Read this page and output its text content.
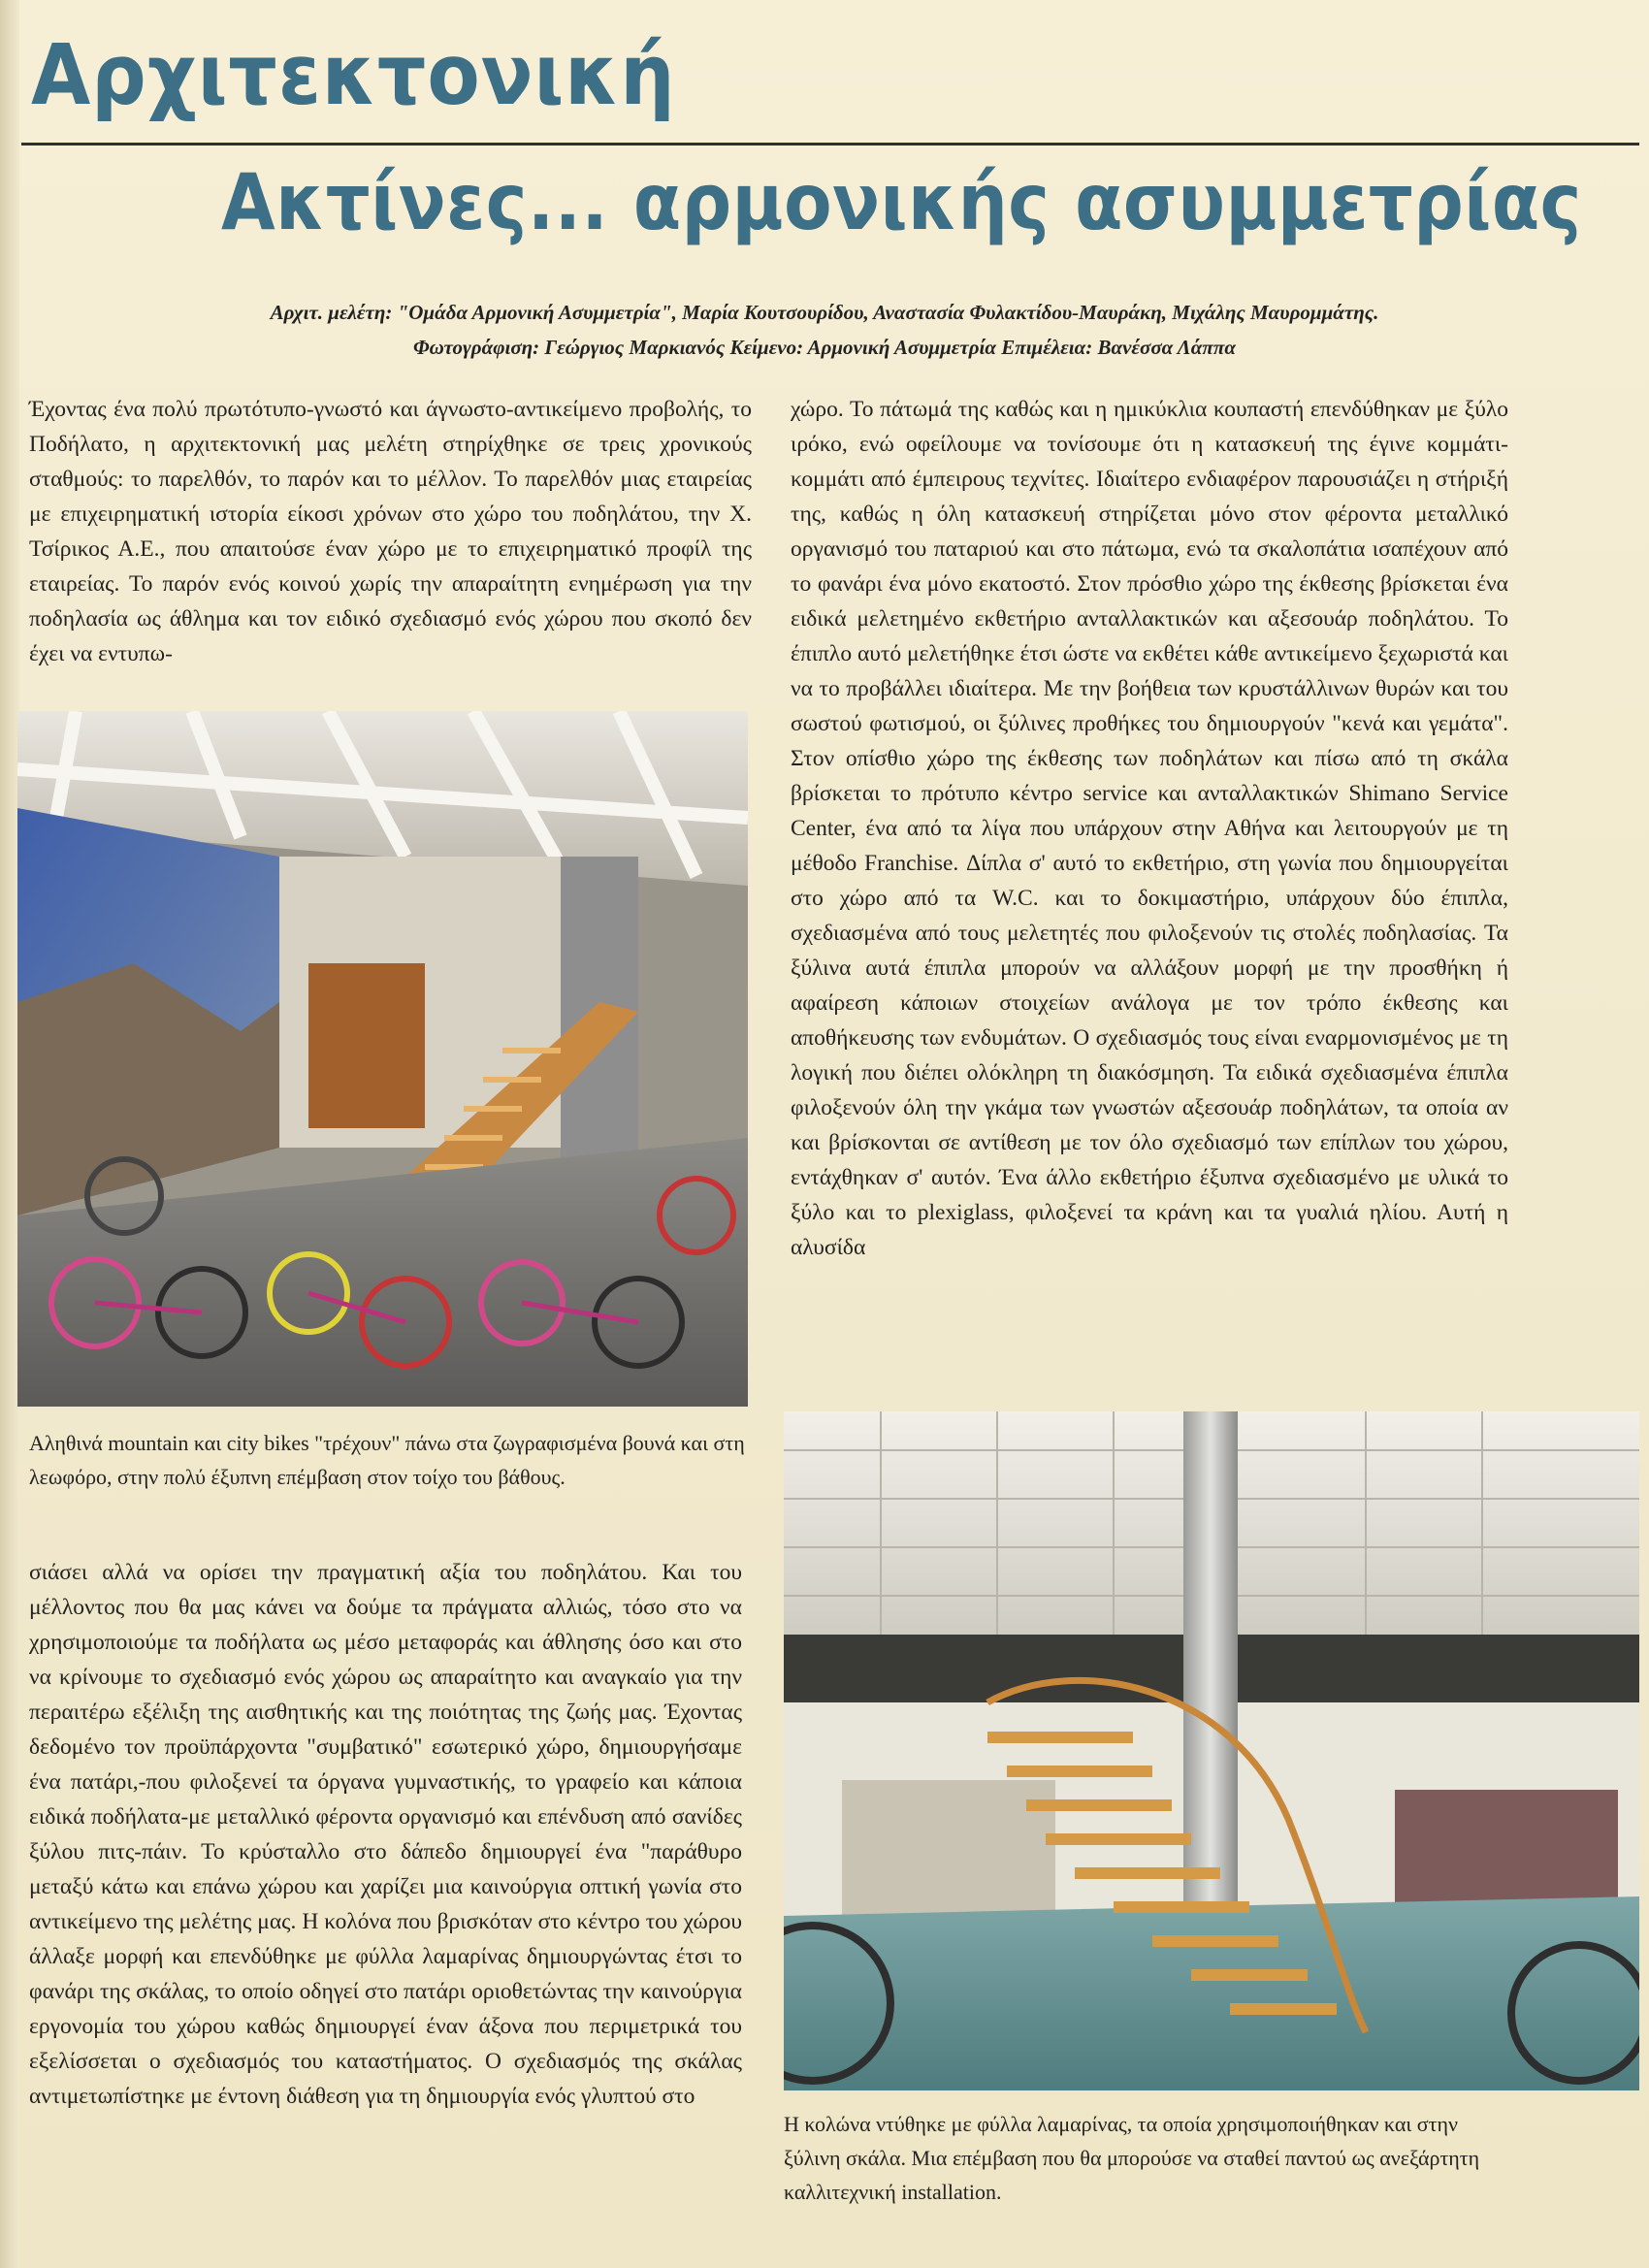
Αρχιτεκτονική
Ακτίνες... αρμονικής ασυμμετρίας
Αρχιτ. μελέτη: "Ομάδα Αρμονική Ασυμμετρία", Μαρία Κουτσουρίδου, Αναστασία Φυλακτίδου-Μαυράκη, Μιχάλης Μαυρομμάτης.
Φωτογράφιση: Γεώργιος Μαρκιανός Κείμενο: Αρμονική Ασυμμετρία Επιμέλεια: Βανέσσα Λάππα

Έχοντας ένα πολύ πρωτότυπο-γνωστό και άγνωστο-αντικείμενο προβολής, το Ποδήλατο, η αρχιτεκτονική μας μελέτη στηρίχθηκε σε τρεις χρονικούς σταθμούς: το παρελθόν, το παρόν και το μέλλον. Το παρελθόν μιας εταιρείας με επιχειρηματική ιστορία είκοσι χρόνων στο χώρο του ποδηλάτου, την Χ. Τσίρικος Α.Ε., που απαιτούσε έναν χώρο με το επιχειρηματικό προφίλ της εταιρείας. Το παρόν ενός κοινού χωρίς την απαραίτητη ενημέρωση για την ποδηλασία ως άθλημα και τον ειδικό σχεδιασμό ενός χώρου που σκοπό δεν έχει να εντυπω-

Αληθινά mountain και city bikes "τρέχουν" πάνω στα ζωγραφισμένα βουνά και στη λεωφόρο, στην πολύ έξυπνη επέμβαση στον τοίχο του βάθους.

σιάσει αλλά να ορίσει την πραγματική αξία του ποδηλάτου. Και του μέλλοντος που θα μας κάνει να δούμε τα πράγματα αλλιώς, τόσο στο να χρησιμοποιούμε τα ποδήλατα ως μέσο μεταφοράς και άθλησης όσο και στο να κρίνουμε το σχεδιασμό ενός χώρου ως απαραίτητο και αναγκαίο για την περαιτέρω εξέλιξη της αισθητικής και της ποιότητας της ζωής μας. Έχοντας δεδομένο τον προϋπάρχοντα "συμβατικό" εσωτερικό χώρο, δημιουργήσαμε ένα πατάρι,-που φιλοξενεί τα όργανα γυμναστικής, το γραφείο και κάποια ειδικά ποδήλατα-με μεταλλικό φέροντα οργανισμό και επένδυση από σανίδες ξύλου πιτς-πάιν. Το κρύσταλλο στο δάπεδο δημιουργεί ένα "παράθυρο μεταξύ κάτω και επάνω χώρου και χαρίζει μια καινούργια οπτική γωνία στο αντικείμενο της μελέτης μας. Η κολόνα που βρισκόταν στο κέντρο του χώρου άλλαξε μορφή και επενδύθηκε με φύλλα λαμαρίνας δημιουργώντας έτσι το φανάρι της σκάλας, το οποίο οδηγεί στο πατάρι οριοθετώντας την καινούργια εργονομία του χώρου καθώς δημιουργεί έναν άξονα που περιμετρικά του εξελίσσεται ο σχεδιασμός του καταστήματος. Ο σχεδιασμός της σκάλας αντιμετωπίστηκε με έντονη διάθεση για τη δημιουργία ενός γλυπτού στο

χώρο. Το πάτωμά της καθώς και η ημικύκλια κουπαστή επενδύθηκαν με ξύλο ιρόκο, ενώ οφείλουμε να τονίσουμε ότι η κατασκευή της έγινε κομμάτι-κομμάτι από έμπειρους τεχνίτες. Ιδιαίτερο ενδιαφέρον παρουσιάζει η στήριξή της, καθώς η όλη κατασκευή στηρίζεται μόνο στον φέροντα μεταλλικό οργανισμό του παταριού και στο πάτωμα, ενώ τα σκαλοπάτια ισαπέχουν από το φανάρι ένα μόνο εκατοστό. Στον πρόσθιο χώρο της έκθεσης βρίσκεται ένα ειδικά μελετημένο εκθετήριο ανταλλακτικών και αξεσουάρ ποδηλάτου. Το έπιπλο αυτό μελετήθηκε έτσι ώστε να εκθέτει κάθε αντικείμενο ξεχωριστά και να το προβάλλει ιδιαίτερα. Με την βοήθεια των κρυστάλλινων θυρών και του σωστού φωτισμού, οι ξύλινες προθήκες του δημιουργούν "κενά και γεμάτα". Στον οπίσθιο χώρο της έκθεσης των ποδηλάτων και πίσω από τη σκάλα βρίσκεται το πρότυπο κέντρο service και ανταλλακτικών Shimano Service Center, ένα από τα λίγα που υπάρχουν στην Αθήνα και λειτουργούν με τη μέθοδο Franchise. Δίπλα σ' αυτό το εκθετήριο, στη γωνία που δημιουργείται στο χώρο από τα W.C. και το δοκιμαστήριο, υπάρχουν δύο έπιπλα, σχεδιασμένα από τους μελετητές που φιλοξενούν τις στολές ποδηλασίας. Τα ξύλινα αυτά έπιπλα μπορούν να αλλάξουν μορφή με την προσθήκη ή αφαίρεση κάποιων στοιχείων ανάλογα με τον τρόπο έκθεσης και αποθήκευσης των ενδυμάτων. Ο σχεδιασμός τους είναι εναρμονισμένος με τη λογική που διέπει ολόκληρη τη διακόσμηση. Τα ειδικά σχεδιασμένα έπιπλα φιλοξενούν όλη την γκάμα των γνωστών αξεσουάρ ποδηλάτων, τα οποία αν και βρίσκονται σε αντίθεση με τον όλο σχεδιασμό των επίπλων του χώρου, εντάχθηκαν σ' αυτόν. Ένα άλλο εκθετήριο έξυπνα σχεδιασμένο με υλικά το ξύλο και το plexiglass, φιλοξενεί τα κράνη και τα γυαλιά ηλίου. Αυτή η αλυσίδα

Η κολώνα ντύθηκε με φύλλα λαμαρίνας, τα οποία χρησιμοποιήθηκαν και στην ξύλινη σκάλα. Μια επέμβαση που θα μπορούσε να σταθεί παντού ως ανεξάρτητη καλλιτεχνική installation.
